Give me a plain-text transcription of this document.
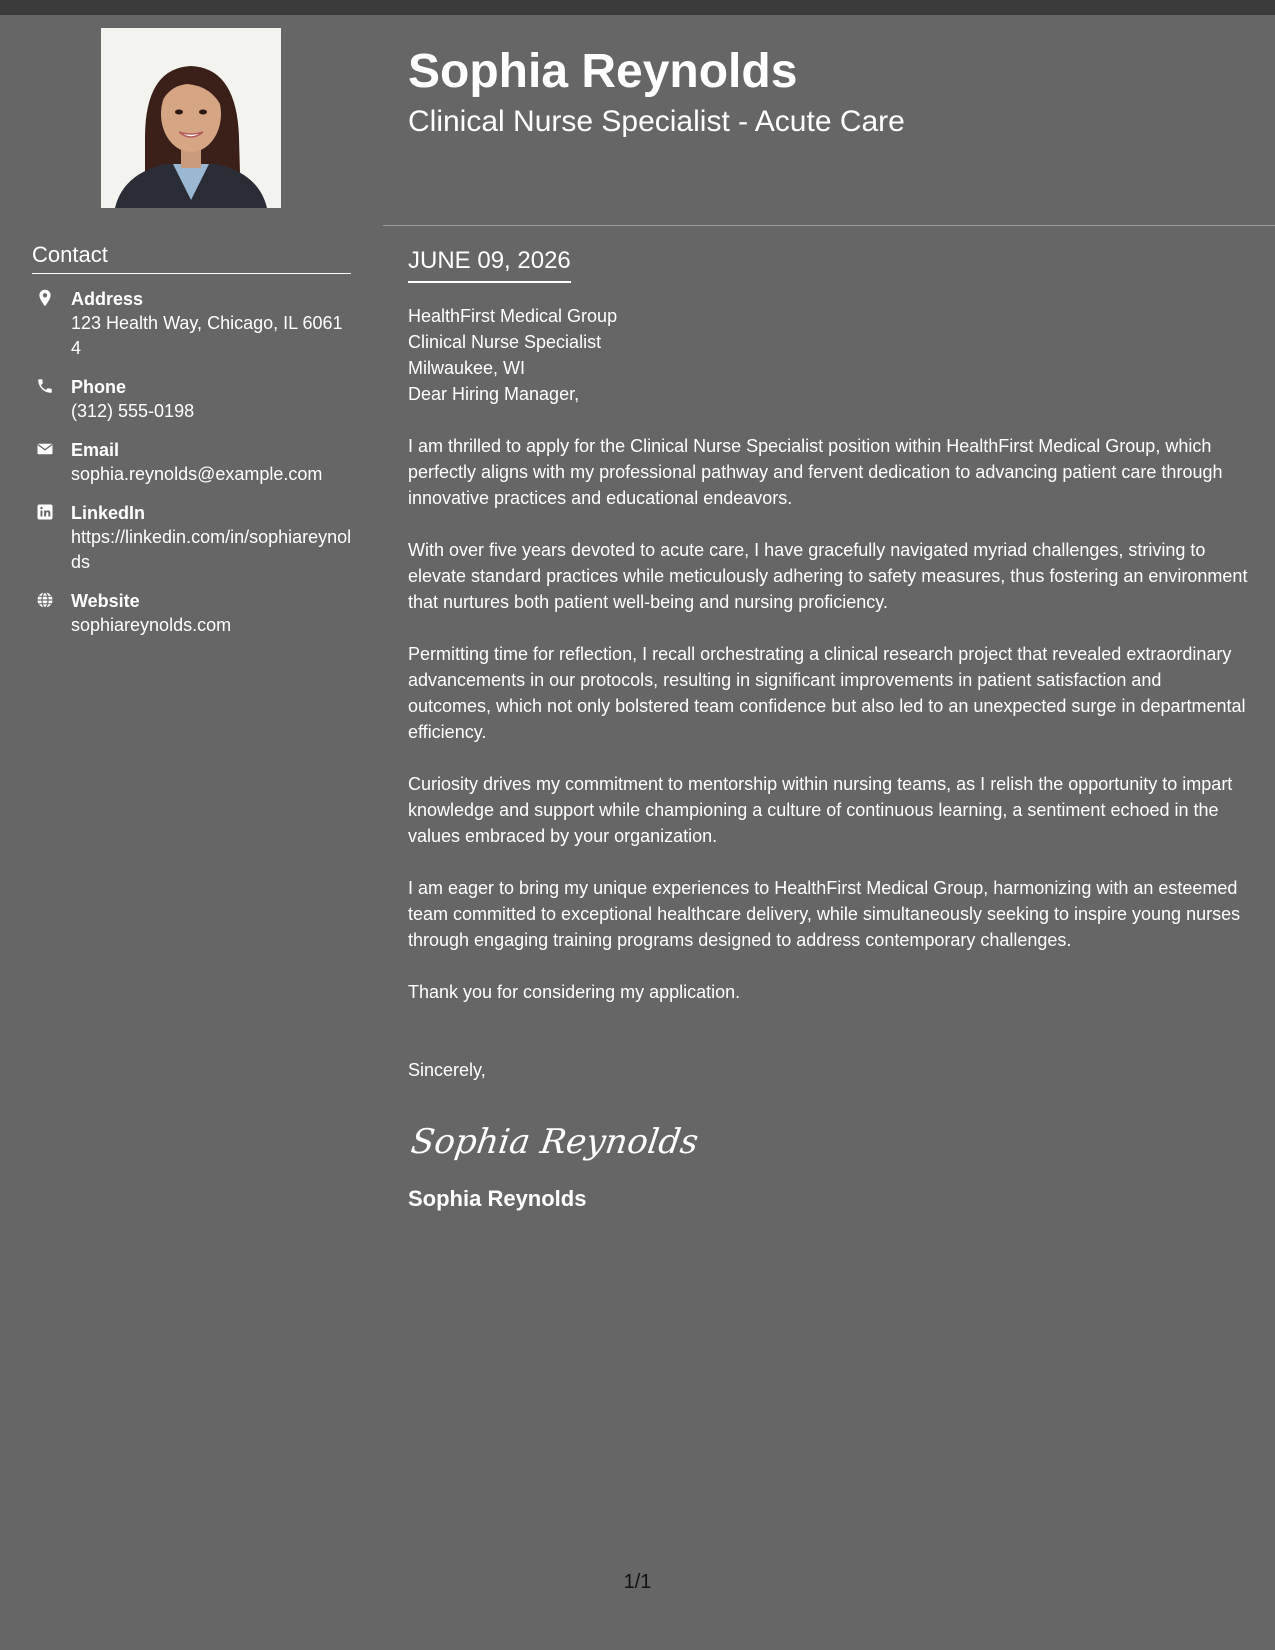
Contact
Address
123 Health Way, Chicago, IL 60614
Phone
(312) 555-0198
Email
sophia.reynolds@example.com
LinkedIn
https://linkedin.com/in/sophiareynolds
Website
sophiareynolds.com
Sophia Reynolds
Clinical Nurse Specialist - Acute Care
JUNE 09, 2026

HealthFirst Medical Group

Clinical Nurse Specialist

Milwaukee, WI

Dear Hiring Manager,

I am thrilled to apply for the Clinical Nurse Specialist position within HealthFirst Medical Group, which perfectly aligns with my professional pathway and fervent dedication to advancing patient care through innovative practices and educational endeavors.

With over five years devoted to acute care, I have gracefully navigated myriad challenges, striving to elevate standard practices while meticulously adhering to safety measures, thus fostering an environment that nurtures both patient well-being and nursing proficiency.

Permitting time for reflection, I recall orchestrating a clinical research project that revealed extraordinary advancements in our protocols, resulting in significant improvements in patient satisfaction and outcomes, which not only bolstered team confidence but also led to an unexpected surge in departmental efficiency.

Curiosity drives my commitment to mentorship within nursing teams, as I relish the opportunity to impart knowledge and support while championing a culture of continuous learning, a sentiment echoed in the values embraced by your organization.

I am eager to bring my unique experiences to HealthFirst Medical Group, harmonizing with an esteemed team committed to exceptional healthcare delivery, while simultaneously seeking to inspire young nurses through engaging training programs designed to address contemporary challenges.

Thank you for considering my application.

Sincerely,

Sophia Reynolds
Sophia Reynolds
1/1
